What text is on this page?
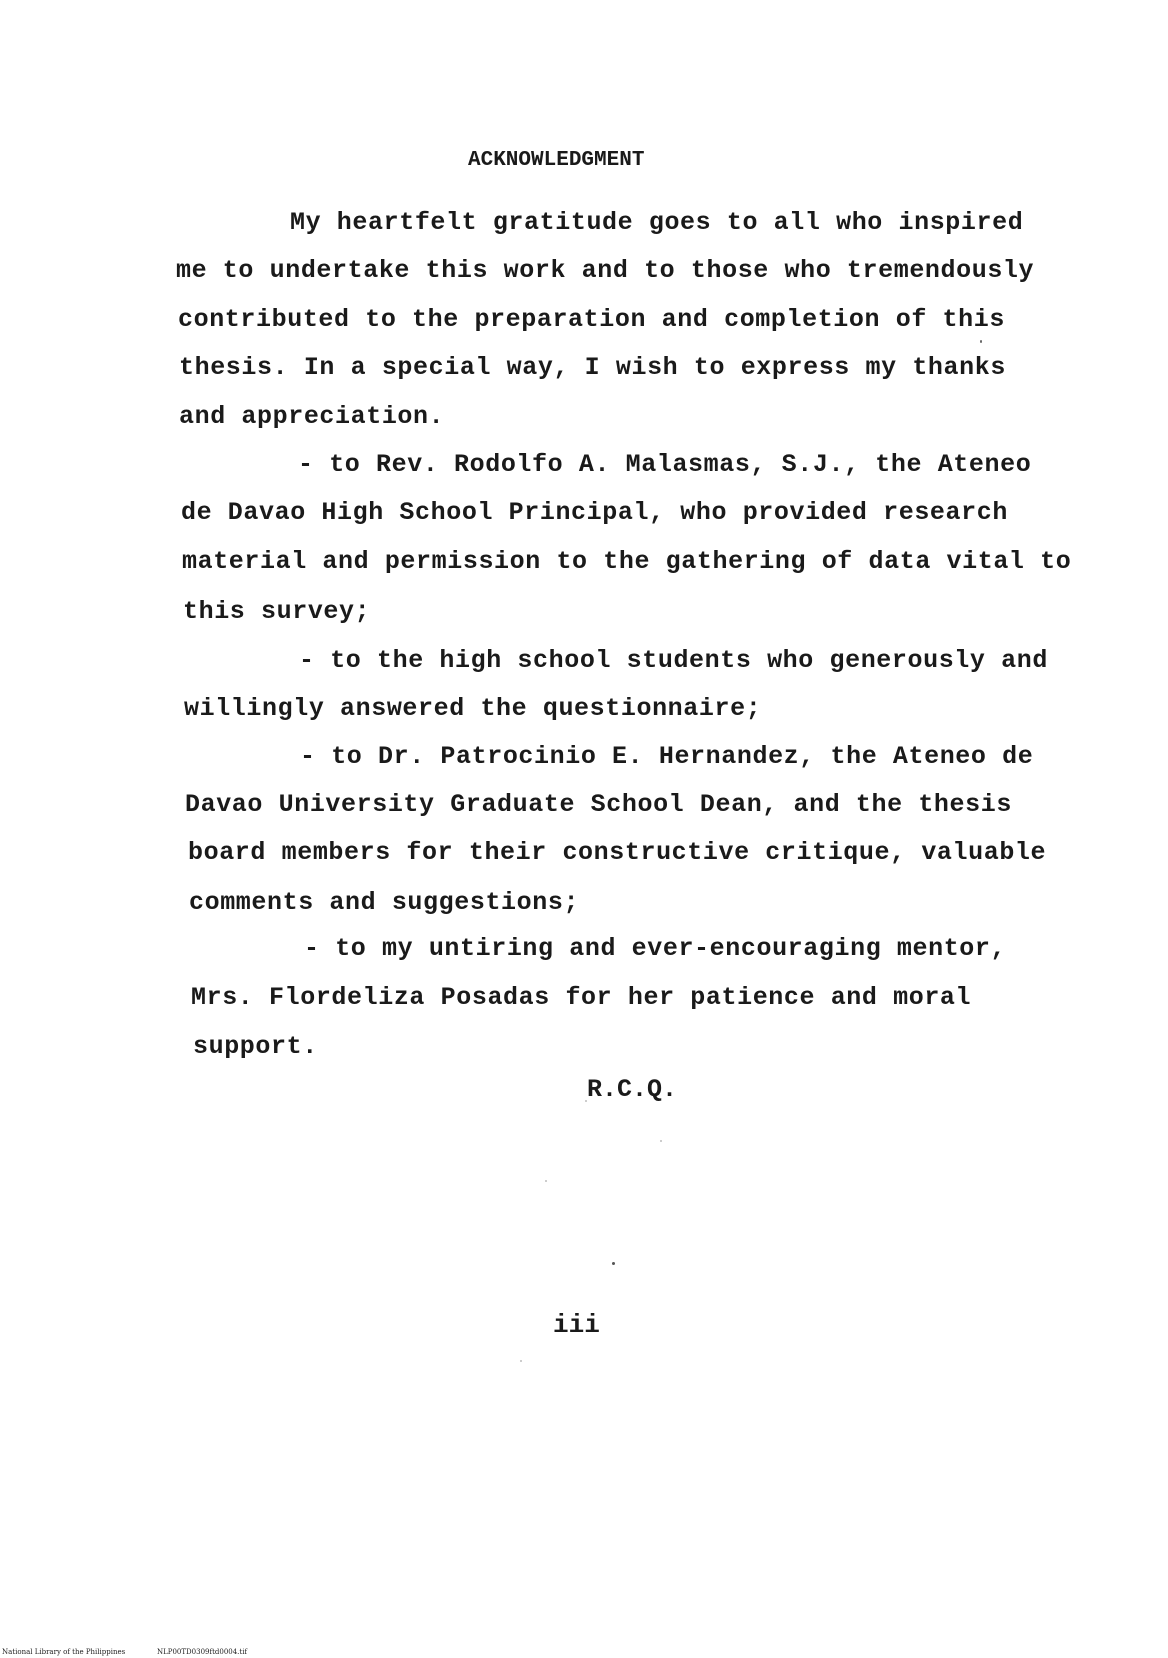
ACKNOWLEDGMENT
My heartfelt gratitude goes to all who inspired
me to undertake this work and to those who tremendously
contributed to the preparation and completion of this
thesis. In a special way, I wish to express my thanks
and appreciation.
- to Rev. Rodolfo A. Malasmas, S.J., the Ateneo
de Davao High School Principal, who provided research
material and permission to the gathering of data vital to
this survey;
- to the high school students who generously and
willingly answered the questionnaire;
- to Dr. Patrocinio E. Hernandez, the Ateneo de
Davao University Graduate School Dean, and the thesis
board members for their constructive critique, valuable
comments and suggestions;
- to my untiring and ever-encouraging mentor,
Mrs. Flordeliza Posadas for her patience and moral
support.
R.C.Q.
iii
National Library of the Philippines	NLP00TD0309ftd0004.tif
